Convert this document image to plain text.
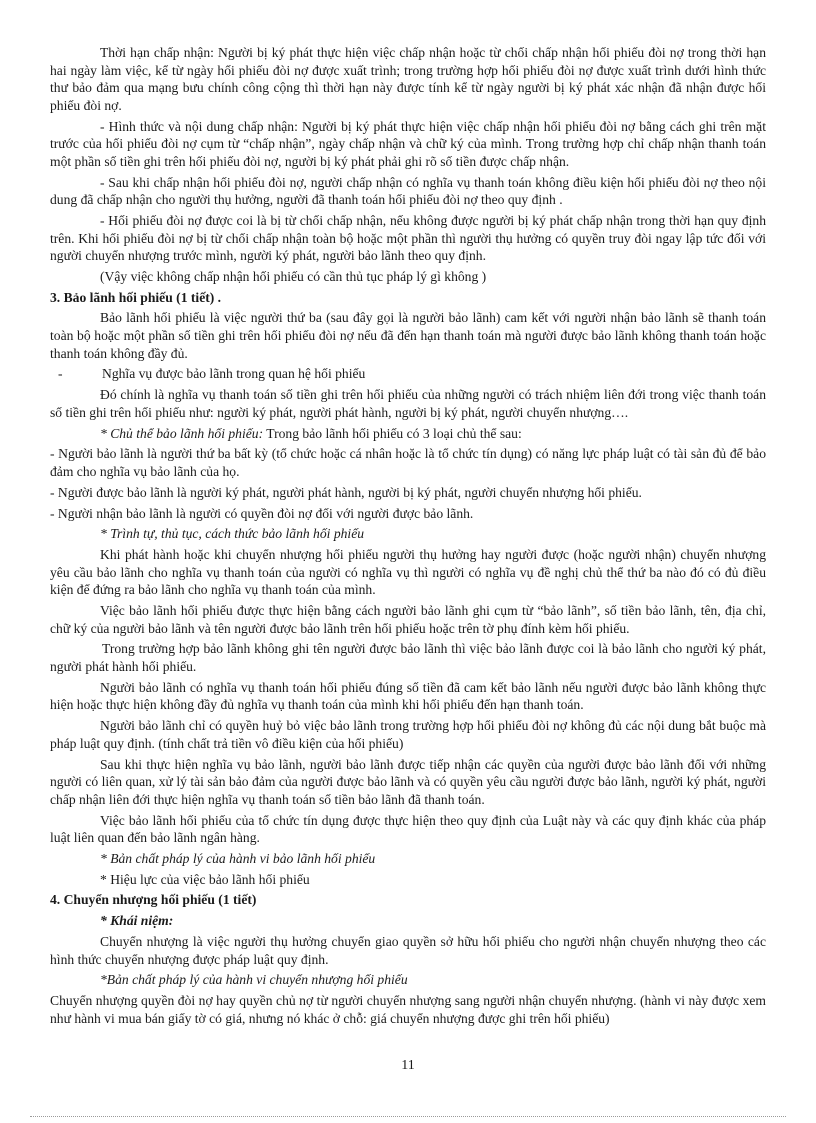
Thời hạn chấp nhận: Người bị ký phát thực hiện việc chấp nhận hoặc từ chối chấp nhận hối phiếu đòi nợ trong thời hạn hai ngày làm việc, kể từ ngày hối phiếu đòi nợ được xuất trình; trong trường hợp hối phiếu đòi nợ được xuất trình dưới hình thức thư bảo đảm qua mạng bưu chính công cộng thì thời hạn này được tính kể từ ngày người bị ký phát xác nhận đã nhận được hối phiếu đòi nợ.

- Hình thức và nội dung chấp nhận: Người bị ký phát thực hiện việc chấp nhận hối phiếu đòi nợ bằng cách ghi trên mặt trước của hối phiếu đòi nợ cụm từ “chấp nhận”, ngày chấp nhận và chữ ký của mình. Trong trường hợp chỉ chấp nhận thanh toán một phần số tiền ghi trên hối phiếu đòi nợ, người bị ký phát phải ghi rõ số tiền được chấp nhận.

- Sau khi chấp nhận hối phiếu đòi nợ, người chấp nhận có nghĩa vụ thanh toán không điều kiện hối phiếu đòi nợ theo nội dung đã chấp nhận cho người thụ hưởng, người đã thanh toán hối phiếu đòi nợ theo quy định .

- Hối phiếu đòi nợ được coi là bị từ chối chấp nhận, nếu không được người bị ký phát chấp nhận trong thời hạn quy định trên. Khi hối phiếu đòi nợ bị từ chối chấp nhận toàn bộ hoặc một phần thì người thụ hưởng có quyền truy đòi ngay lập tức đối với người chuyển nhượng trước mình, người ký phát, người bảo lãnh theo quy định.

(Vậy việc không chấp nhận hối phiếu có cần thủ tục pháp lý gì không )

3. Bảo lãnh hối phiếu (1 tiết) .

Bảo lãnh hối phiếu là việc người thứ ba (sau đây gọi là người bảo lãnh) cam kết với người nhận bảo lãnh sẽ thanh toán toàn bộ hoặc một phần số tiền ghi trên hối phiếu đòi nợ nếu đã đến hạn thanh toán mà người được bảo lãnh không thanh toán hoặc thanh toán không đầy đủ.

-	Nghĩa vụ được bảo lãnh trong quan hệ hối phiếu

Đó chính là nghĩa vụ thanh toán số tiền ghi trên hối phiếu của những người có trách nhiệm liên đới trong việc thanh toán số tiền ghi trên hối phiếu như: người ký phát, người phát hành, người bị ký phát, người chuyển nhượng….

* Chủ thể bảo lãnh hối phiếu: Trong bảo lãnh hối phiếu có 3 loại chủ thể sau:

- Người bảo lãnh là người thứ ba bất kỳ (tổ chức hoặc cá nhân hoặc là tổ chức tín dụng) có năng lực pháp luật có tài sản đủ để bảo đảm cho nghĩa vụ bảo lãnh của họ.

- Người được bảo lãnh là người ký phát, người phát hành, người bị ký phát, người chuyển nhượng hối phiếu.

- Người nhận bảo lãnh là người có quyền đòi nợ đối với người được bảo lãnh.

* Trình tự, thủ tục, cách thức bảo lãnh hối phiếu

Khi phát hành hoặc khi chuyển nhượng hối phiếu người thụ hưởng hay người được (hoặc người nhận) chuyển nhượng yêu cầu bảo lãnh cho nghĩa vụ thanh toán của người có nghĩa vụ thì người có nghĩa vụ đề nghị chủ thể thứ ba nào đó có đủ điều kiện để đứng ra bảo lãnh cho nghĩa vụ thanh toán của mình.

Việc bảo lãnh hối phiếu được thực hiện bằng cách người bảo lãnh ghi cụm từ “bảo lãnh”, số tiền bảo lãnh, tên, địa chỉ, chữ ký của người bảo lãnh và tên người được bảo lãnh trên hối phiếu hoặc trên tờ phụ đính kèm hối phiếu.

Trong trường hợp bảo lãnh không ghi tên người được bảo lãnh thì việc bảo lãnh được coi là bảo lãnh cho người ký phát, người phát hành hối phiếu.

Người bảo lãnh có nghĩa vụ thanh toán hối phiếu đúng số tiền đã cam kết bảo lãnh nếu người được bảo lãnh không thực hiện hoặc thực hiện không đầy đủ nghĩa vụ thanh toán của mình khi hối phiếu đến hạn thanh toán.

Người bảo lãnh chỉ có quyền huỷ bỏ việc bảo lãnh trong trường hợp hối phiếu đòi nợ không đủ các nội dung bắt buộc mà pháp luật quy định. (tính chất trả tiền vô điều kiện của hối phiếu)

Sau khi thực hiện nghĩa vụ bảo lãnh, người bảo lãnh được tiếp nhận các quyền của người được bảo lãnh đối với những người có liên quan, xử lý tài sản bảo đảm của người được bảo lãnh và có quyền yêu cầu người được bảo lãnh, người ký phát, người chấp nhận liên đới thực hiện nghĩa vụ thanh toán số tiền bảo lãnh đã thanh toán.

Việc bảo lãnh hối phiếu của tổ chức tín dụng được thực hiện theo quy định của Luật này và các quy định khác của pháp luật liên quan đến bảo lãnh ngân hàng.

* Bản chất pháp lý của hành vi bảo lãnh hối phiếu

* Hiệu lực của việc bảo lãnh hối phiếu

4. Chuyển nhượng hối phiếu (1 tiết)

* Khái niệm:

Chuyển nhượng là việc người thụ hưởng chuyển giao quyền sở hữu hối phiếu cho người nhận chuyển nhượng theo các hình thức chuyển nhượng được pháp luật quy định.

*Bản chất pháp lý của hành vi chuyển nhượng hối phiếu

Chuyển nhượng quyền đòi nợ hay quyền chủ nợ từ người chuyển nhượng sang người nhận chuyển nhượng. (hành vi này được xem như hành vi mua bán giấy tờ có giá, nhưng nó khác ở chỗ: giá chuyển nhượng được ghi trên hối phiếu)

11
